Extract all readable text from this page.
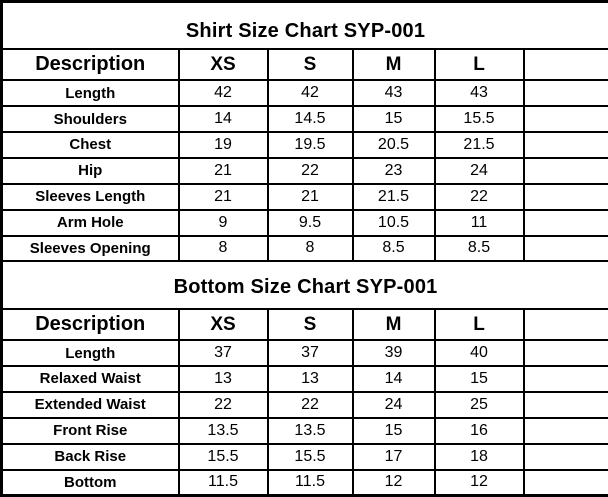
Shirt Size Chart SYP-001					
Description	XS	S	M	L	
Length	42	42	43	43	
Shoulders	14	14.5	15	15.5	
Chest	19	19.5	20.5	21.5	
Hip	21	22	23	24	
Sleeves Length	21	21	21.5	22	
Arm Hole	9	9.5	10.5	11	
Sleeves Opening	8	8	8.5	8.5	
Bottom Size Chart SYP-001					
Description	XS	S	M	L	
Length	37	37	39	40	
Relaxed Waist	13	13	14	15	
Extended Waist	22	22	24	25	
Front Rise	13.5	13.5	15	16	
Back Rise	15.5	15.5	17	18	
Bottom	11.5	11.5	12	12	
